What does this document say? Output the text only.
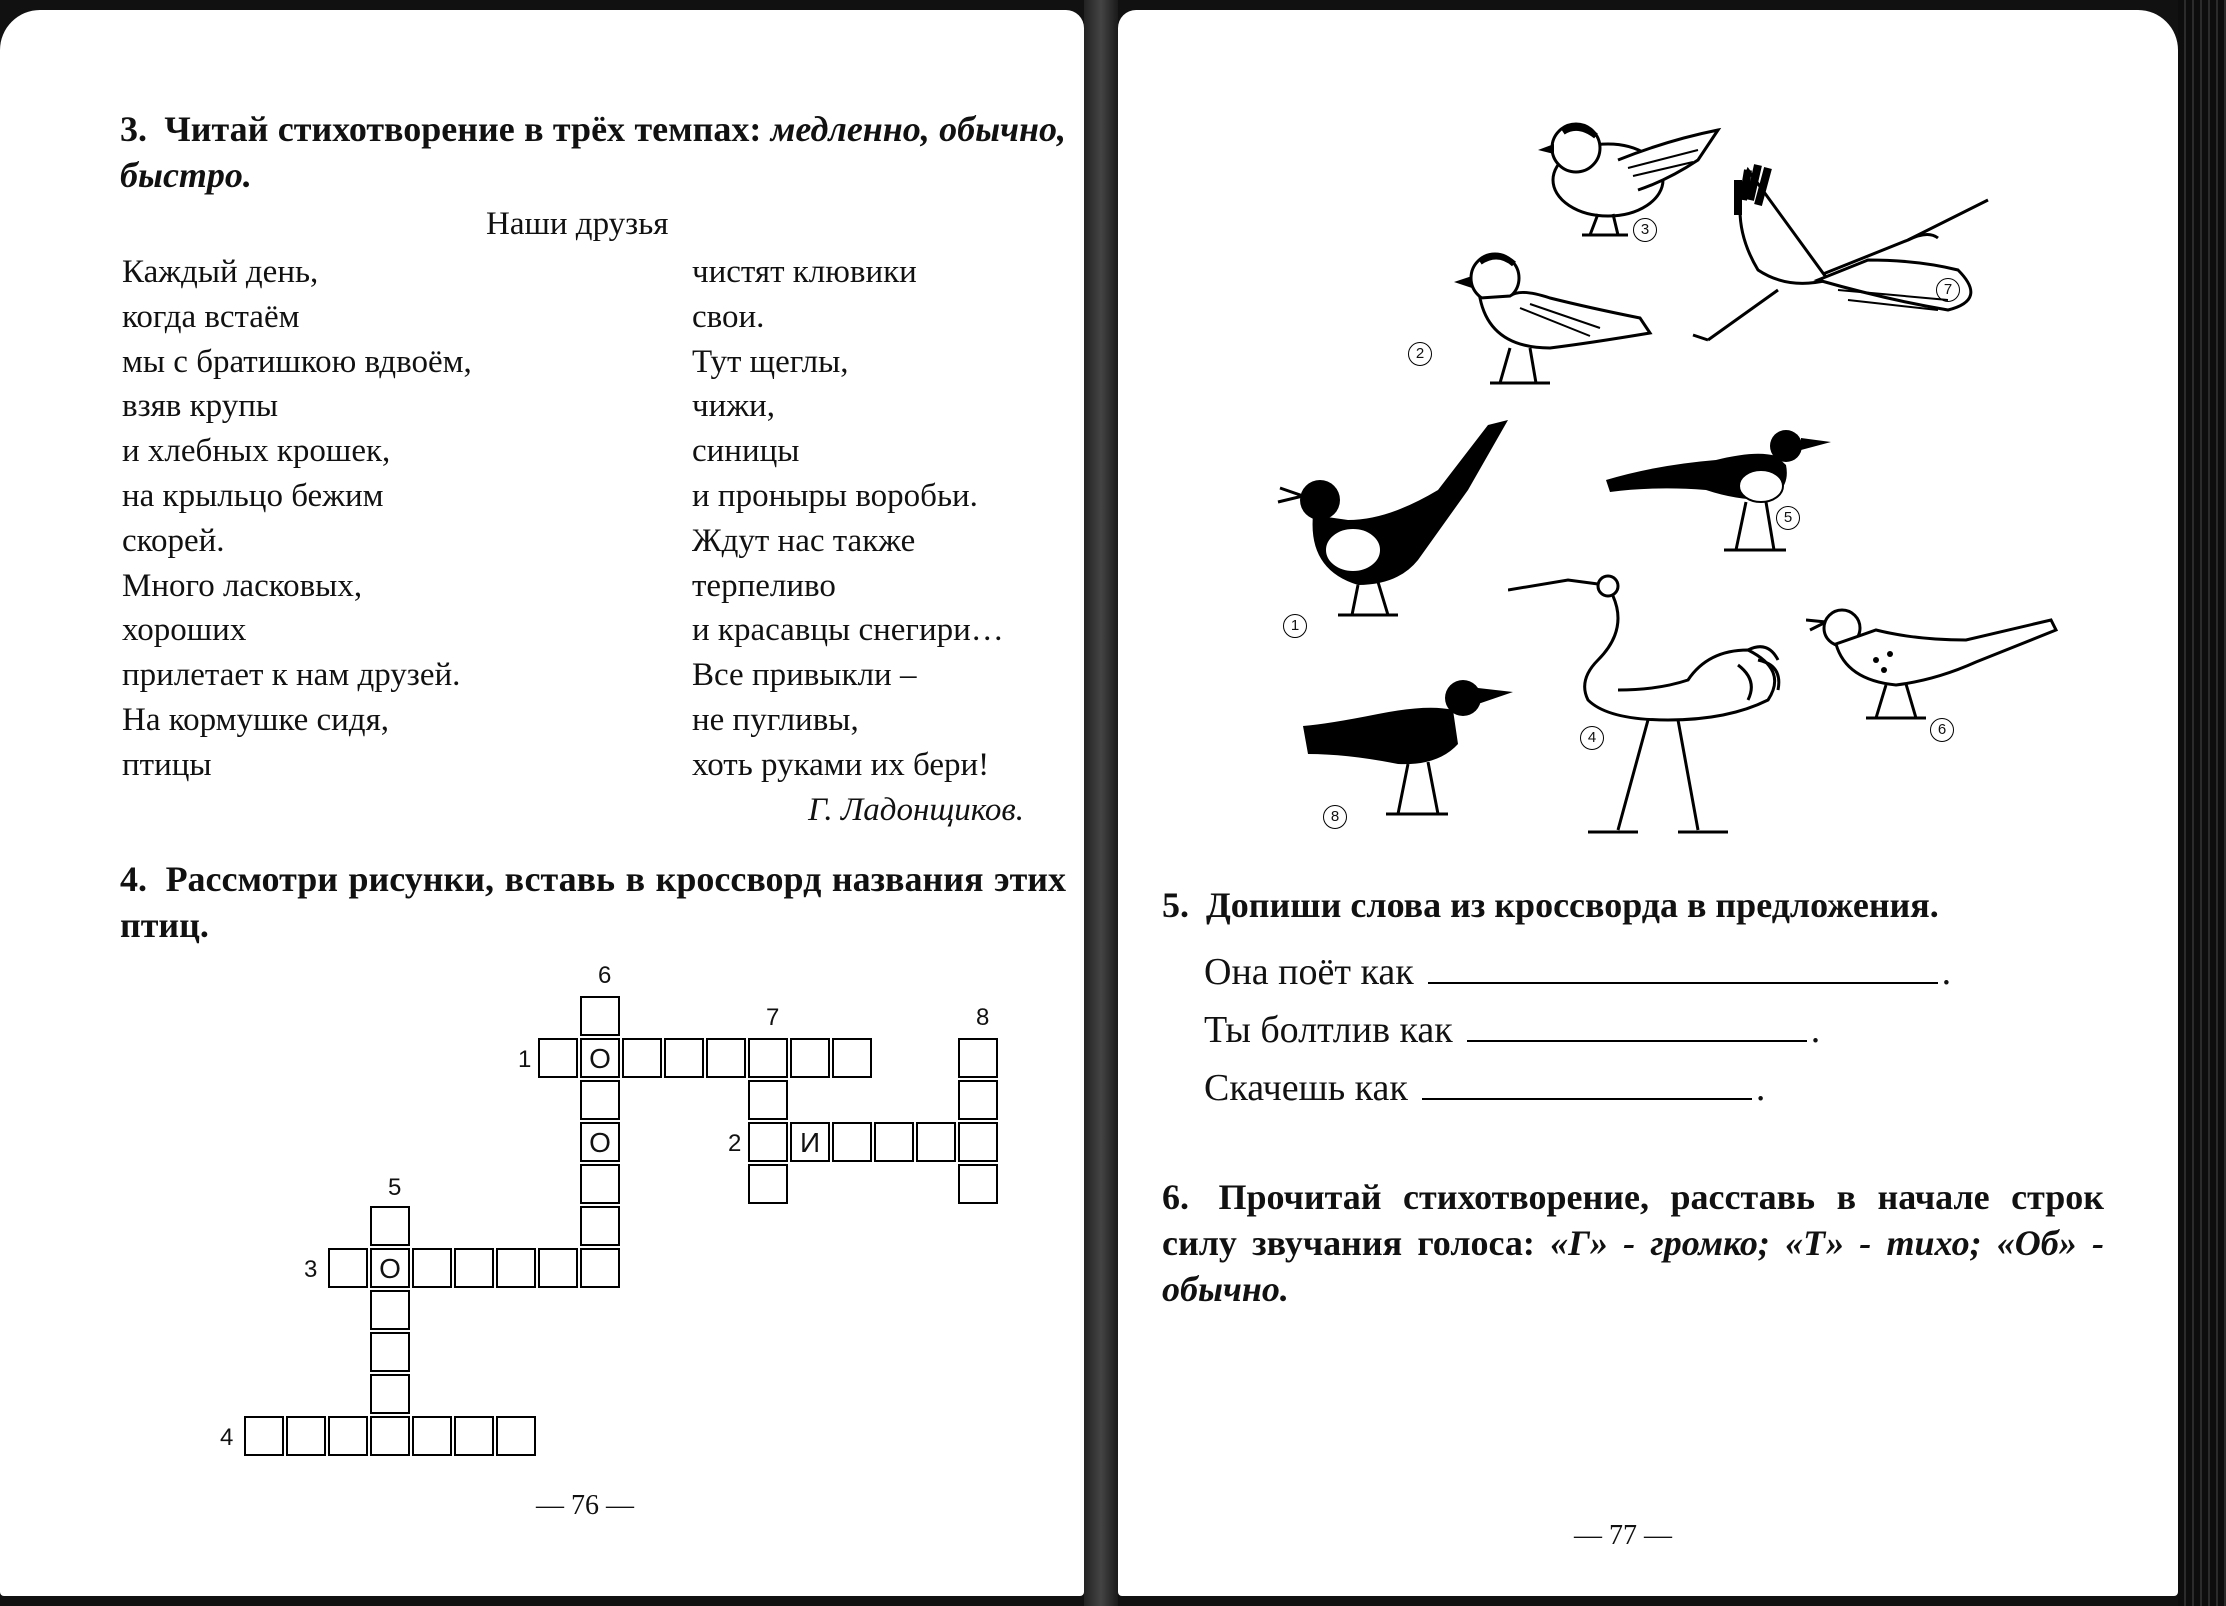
3. Читай стихотворение в трёх темпах: медленно, обычно, быстро.
Наши друзья
Каждый день,
когда встаём
мы с братишкою вдвоём,
взяв крупы
и хлебных крошек,
на крыльцо бежим
скорей.
Много ласковых,
хороших
прилетает к нам друзей.
На кормушке сидя,
птицы
чистят клювики
свои.
Тут щеглы,
чижи,
синицы
и проныры воробьи.
Ждут нас также
терпеливо
и красавцы снегири…
Все привыкли –
не пугливы,
хоть руками их бери!
Г. Ладонщиков.
4. Рассмотри рисунки, вставь в кроссворд названия этих птиц.
О
О	И
О
1
2
3
4
5
6
7	8
— 76 —
3
2
7
1
5
4	6
8
5. Допиши слова из кроссворда в предложения.
Она поёт как	.
Ты болтлив как	.
Скачешь как	.
6. Прочитай стихотворение, расставь в начале строк силу звучания голоса: «Г» - громко; «Т» - тихо; «Об» - обычно.
— 77 —
